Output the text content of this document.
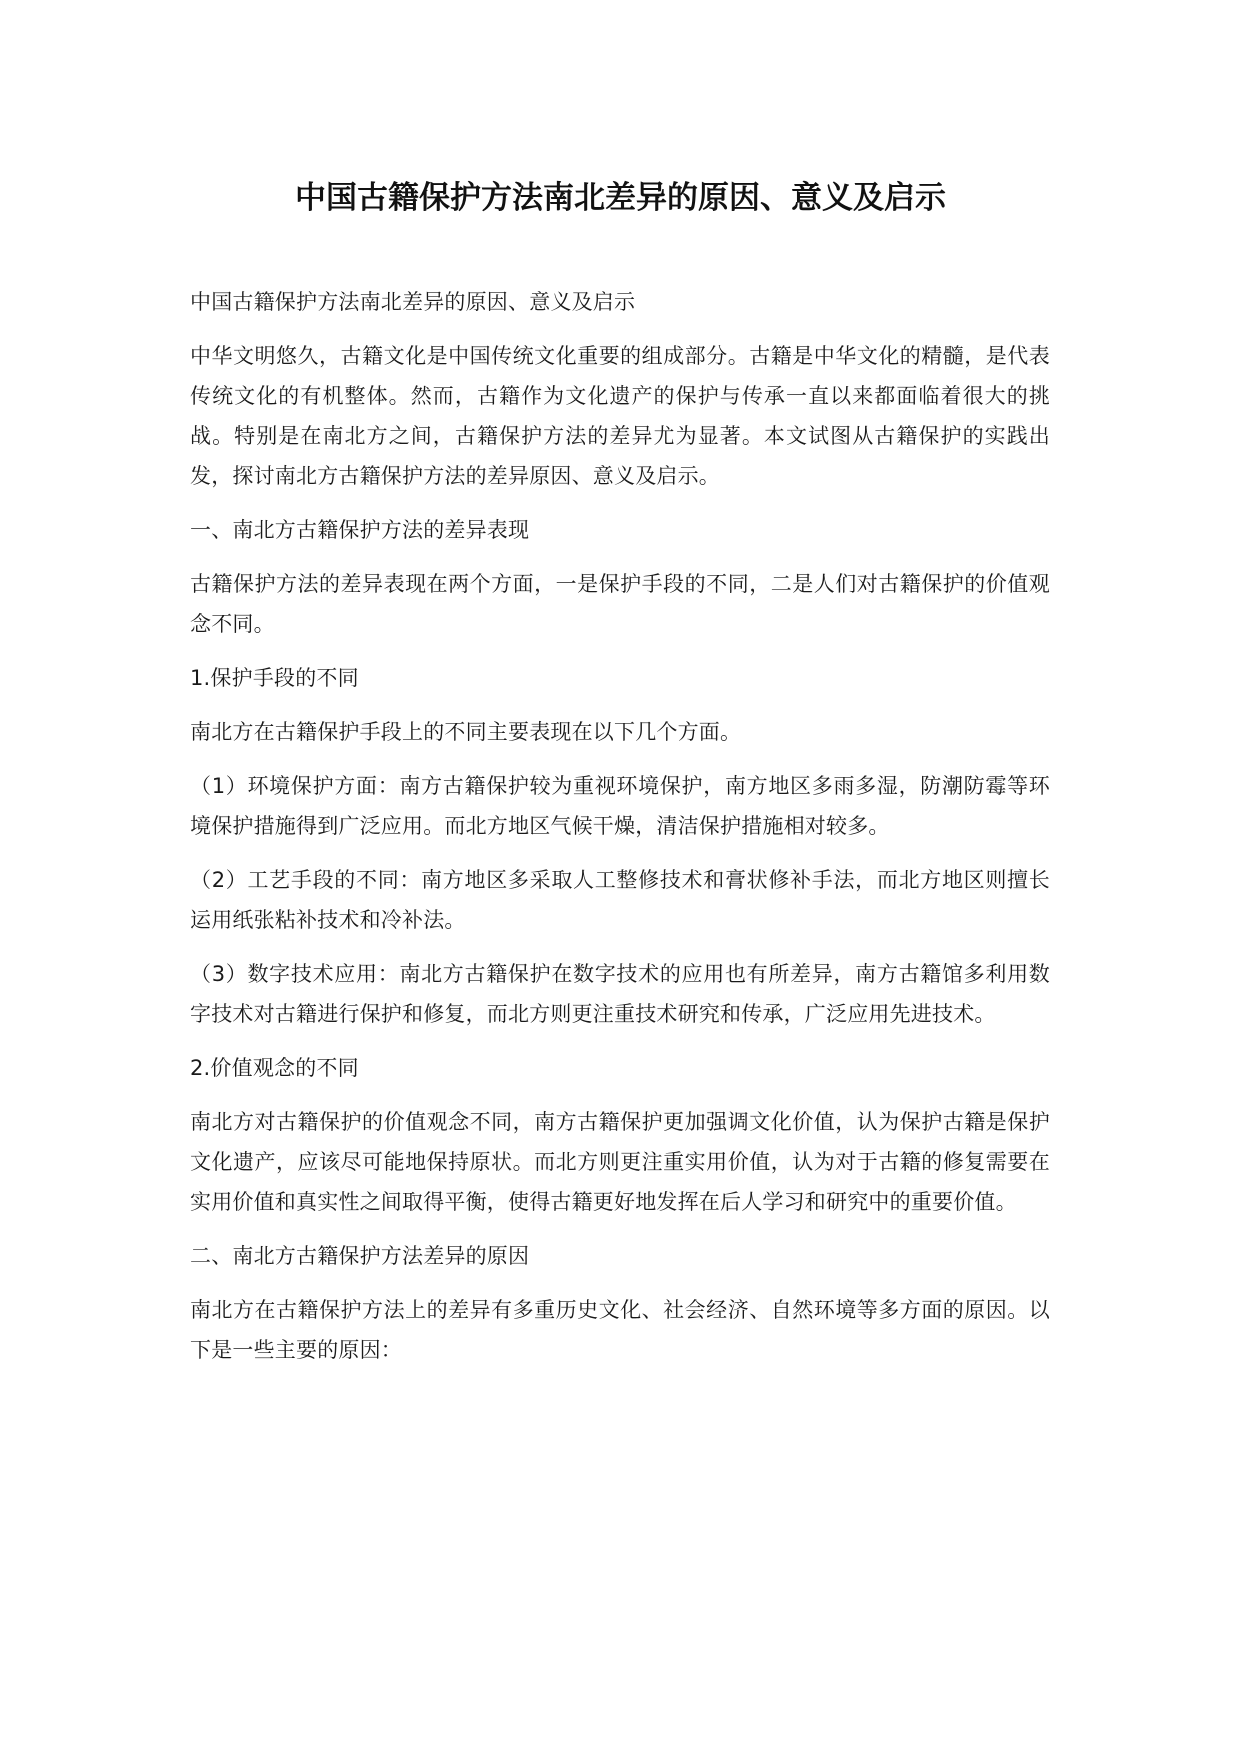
中国古籍保护方法南北差异的原因、意义及启示

中国古籍保护方法南北差异的原因、意义及启示

中华文明悠久，古籍文化是中国传统文化重要的组成部分。古籍是中华文化的精髓，是代表传统文化的有机整体。然而，古籍作为文化遗产的保护与传承一直以来都面临着很大的挑战。特别是在南北方之间，古籍保护方法的差异尤为显著。本文试图从古籍保护的实践出发，探讨南北方古籍保护方法的差异原因、意义及启示。

一、南北方古籍保护方法的差异表现

古籍保护方法的差异表现在两个方面，一是保护手段的不同，二是人们对古籍保护的价值观念不同。

1.保护手段的不同

南北方在古籍保护手段上的不同主要表现在以下几个方面。

（1）环境保护方面：南方古籍保护较为重视环境保护，南方地区多雨多湿，防潮防霉等环境保护措施得到广泛应用。而北方地区气候干燥，清洁保护措施相对较多。

（2）工艺手段的不同：南方地区多采取人工整修技术和膏状修补手法，而北方地区则擅长运用纸张粘补技术和冷补法。

（3）数字技术应用：南北方古籍保护在数字技术的应用也有所差异，南方古籍馆多利用数字技术对古籍进行保护和修复，而北方则更注重技术研究和传承，广泛应用先进技术。

2.价值观念的不同

南北方对古籍保护的价值观念不同，南方古籍保护更加强调文化价值，认为保护古籍是保护文化遗产，应该尽可能地保持原状。而北方则更注重实用价值，认为对于古籍的修复需要在实用价值和真实性之间取得平衡，使得古籍更好地发挥在后人学习和研究中的重要价值。

二、南北方古籍保护方法差异的原因

南北方在古籍保护方法上的差异有多重历史文化、社会经济、自然环境等多方面的原因。以下是一些主要的原因：
